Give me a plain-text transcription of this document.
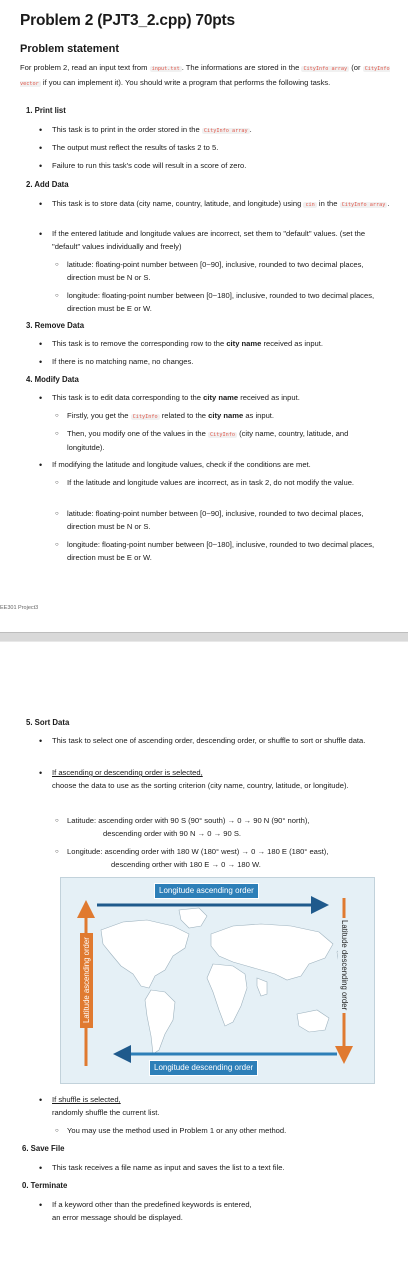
Problem 2 (PJT3_2.cpp) 70pts
Problem statement
For problem 2, read an input text from input.txt . The informations are stored in the CityInfo array (or CityInfo vector if you can implement it). You should write a program that performs the following tasks.
1. Print list
• This task is to print in the order stored in the CityInfo array .
• The output must reflect the results of tasks 2 to 5.
• Failure to run this task's code will result in a score of zero.
2. Add Data
• This task is to store data (city name, country, latitude, and longitude) using cin in the CityInfo array .
• If the entered latitude and longitude values are incorrect, set them to "default" values. (set the "default" values individually and freely)
○ latitude: floating-point number between [0~90], inclusive, rounded to two decimal places, direction must be N or S.
○ longitude: floating-point number between [0~180], inclusive, rounded to two decimal places, direction must be E or W.
3. Remove Data
• This task is to remove the corresponding row to the city name received as input.
• If there is no matching name, no changes.
4. Modify Data
• This task is to edit data corresponding to the city name received as input.
○ Firstly, you get the CityInfo related to the city name as input.
○ Then, you modify one of the values in the CityInfo (city name, country, latitude, and longitutde).
• If modifying the latitude and longitude values, check if the conditions are met.
○ If the latitude and longitude values are incorrect, as in task 2, do not modify the value.
○ latitude: floating-point number between [0~90], inclusive, rounded to two decimal places, direction must be N or S.
○ longitude: floating-point number between [0~180], inclusive, rounded to two decimal places, direction must be E or W.
EE301 Project3
5. Sort Data
• This task to select one of ascending order, descending order, or shuffle to sort or shuffle data.
• If ascending or descending order is selected,
choose the data to use as the sorting criterion (city name, country, latitude, or longitude).
○ Latitude: ascending order with 90 S (90° south) → 0 → 90 N (90° north),
descending order with 90 N → 0 → 90 S.
○ Longitude: ascending order with 180 W (180° west) → 0 → 180 E (180° east),
descending orther with 180 E → 0 → 180 W.
Longitude ascending order
Longitude descending order
Latitude ascending order	Latitude descending order
• If shuffle is selected,
randomly shuffle the current list.
○ You may use the method used in Problem 1 or any other method.
6. Save File
• This task receives a file name as input and saves the list to a text file.
0. Terminate
• If a keyword other than the predefined keywords is entered,
an error message should be displayed.
